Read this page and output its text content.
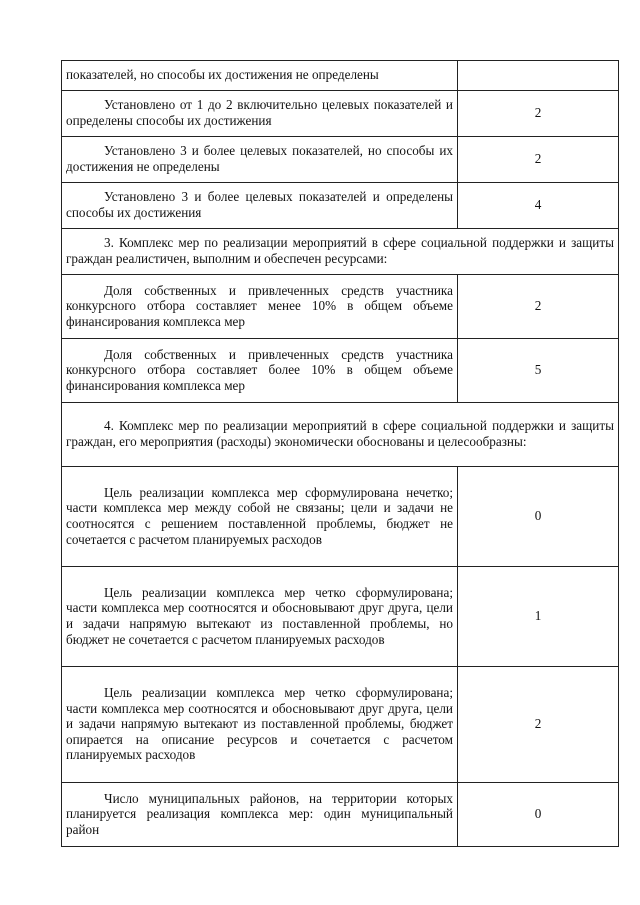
показателей, но способы их достижения не определены	
Установлено от 1 до 2 включительно целевых показателей и определены способы их достижения	2
Установлено 3 и более целевых показателей, но способы их достижения не определены	2
Установлено 3 и более целевых показателей и определены способы их достижения	4
3. Комплекс мер по реализации мероприятий в сфере социальной поддержки и защиты граждан реалистичен, выполним и обеспечен ресурсами:	
Доля собственных и привлеченных средств участника конкурсного отбора составляет менее 10% в общем объеме финансирования комплекса мер	2
Доля собственных и привлеченных средств участника конкурсного отбора составляет более 10% в общем объеме финансирования комплекса мер	5
4. Комплекс мер по реализации мероприятий в сфере социальной поддержки и защиты граждан, его мероприятия (расходы) экономически обоснованы и целесообразны:	
Цель реализации комплекса мер сформулирована нечетко; части комплекса мер между собой не связаны; цели и задачи не соотносятся с решением поставленной проблемы, бюджет не сочетается с расчетом планируемых расходов	0
Цель реализации комплекса мер четко сформулирована; части комплекса мер соотносятся и обосновывают друг друга, цели и задачи напрямую вытекают из поставленной проблемы, но бюджет не сочетается с расчетом планируемых расходов	1
Цель реализации комплекса мер четко сформулирована; части комплекса мер соотносятся и обосновывают друг друга, цели и задачи напрямую вытекают из поставленной проблемы, бюджет опирается на описание ресурсов и сочетается с расчетом планируемых расходов	2
Число муниципальных районов, на территории которых планируется реализация комплекса мер: один муниципальный район	0
